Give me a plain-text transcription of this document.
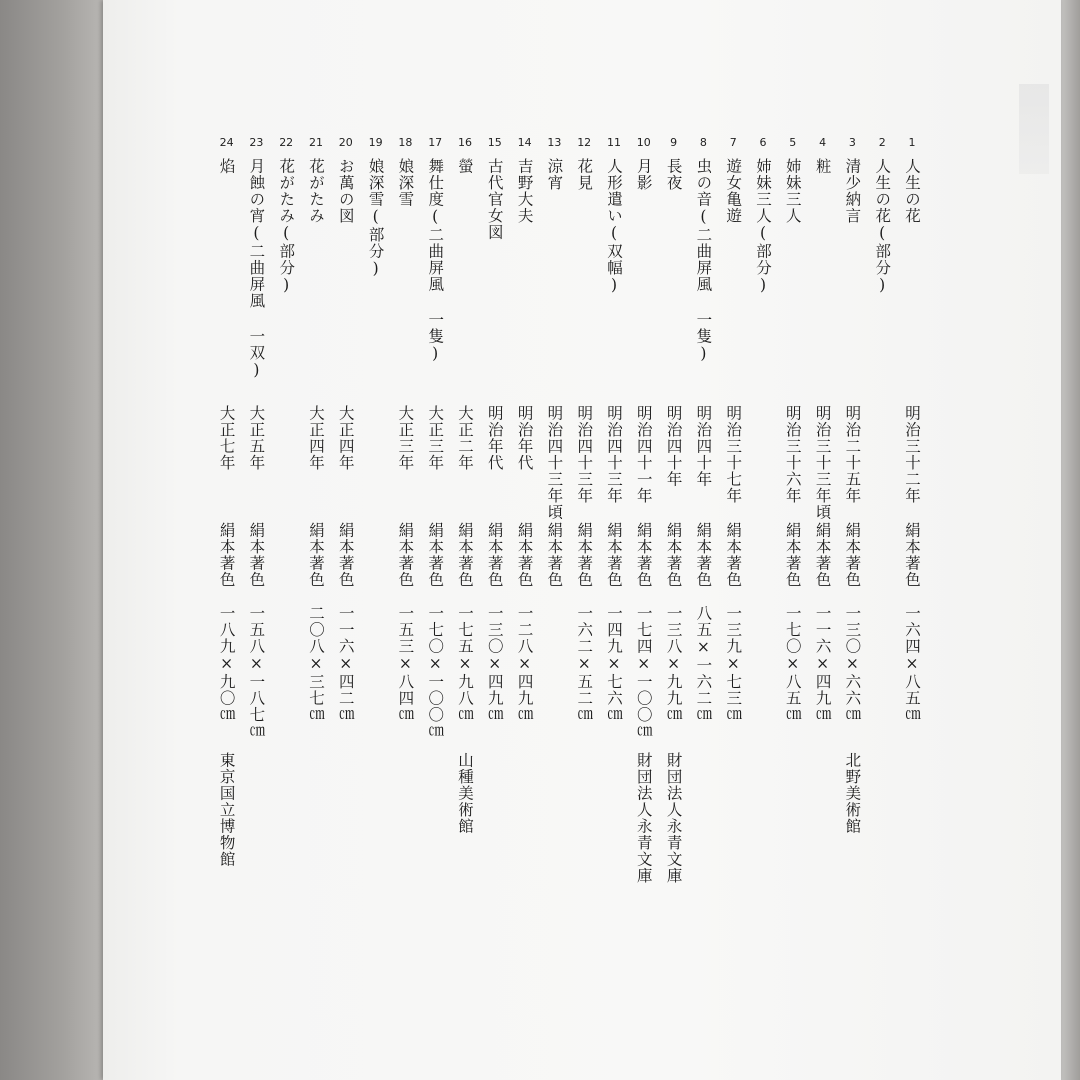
1
人生の花
明治三十二年
絹本著色
一六四×八五㎝
2
人生の花(部分)
3
清少納言
明治二十五年
絹本著色
一三〇×六六㎝
北野美術館
4
粧
明治三十三年頃
絹本著色
一一六×四九㎝
5
姉妹三人
明治三十六年
絹本著色
一七〇×八五㎝
6
姉妹三人(部分)
7
遊女亀遊
明治三十七年
絹本著色
一三九×七三㎝
8
虫の音(二曲屏風 一隻)
明治四十年
絹本著色
八五×一六二㎝
9
長夜
明治四十年
絹本著色
一三八×九九㎝
財団法人永青文庫
10
月影
明治四十一年
絹本著色
一七四×一〇〇㎝
財団法人永青文庫
11
人形遣い(双幅)
明治四十三年
絹本著色
一四九×七六㎝
12
花見
明治四十三年
絹本著色
一六二×五二㎝
13
涼宵
明治四十三年頃
絹本著色
14
吉野大夫
明治年代
絹本著色
一二八×四九㎝
15
古代官女図
明治年代
絹本著色
一三〇×四九㎝
16
螢
大正二年
絹本著色
一七五×九八㎝
山種美術館
17
舞仕度(二曲屏風 一隻)
大正三年
絹本著色
一七〇×一〇〇㎝
18
娘深雪
大正三年
絹本著色
一五三×八四㎝
19
娘深雪(部分)
20
お萬の図
大正四年
絹本著色
一一六×四二㎝
21
花がたみ
大正四年
絹本著色
二〇八×三七㎝
22
花がたみ(部分)
23
月蝕の宵(二曲屏風 一双)
大正五年
絹本著色
一五八×一八七㎝
24
焰
大正七年
絹本著色
一八九×九〇㎝
東京国立博物館
